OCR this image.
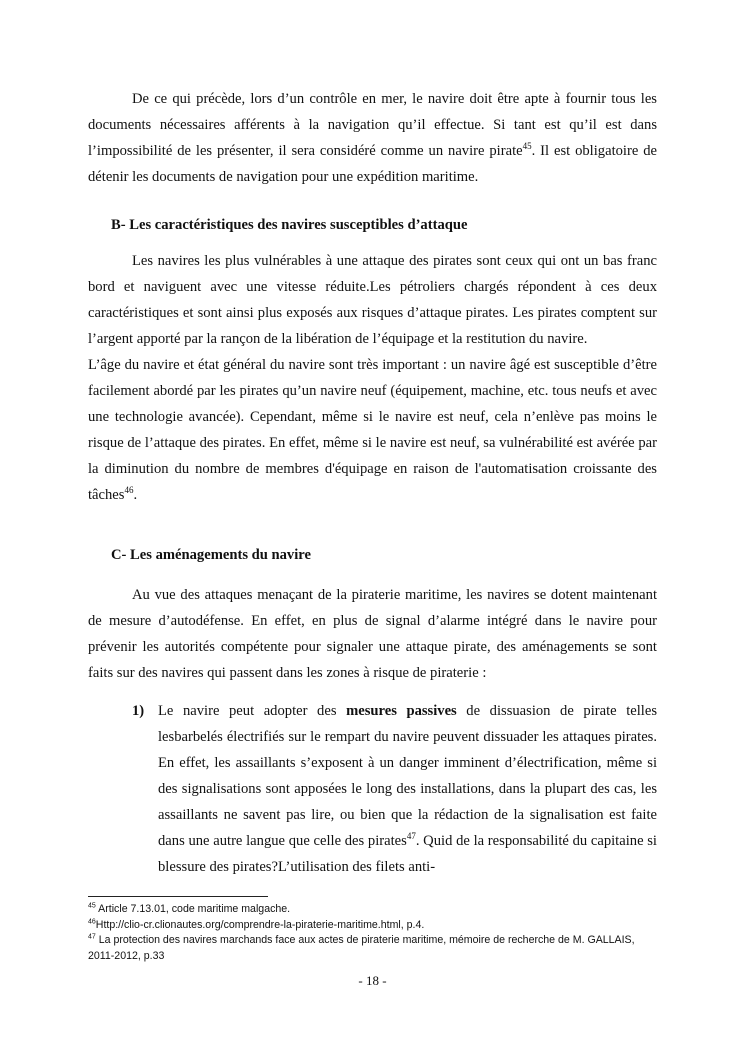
De ce qui précède, lors d’un contrôle en mer, le navire doit être apte à fournir tous les documents nécessaires afférents à la navigation qu’il effectue. Si tant est qu’il est dans l’impossibilité de les présenter, il sera considéré comme un navire pirate$^{45}$. Il est obligatoire de détenir les documents de navigation pour une expédition maritime.

B- Les caractéristiques des navires susceptibles d’attaque

Les navires les plus vulnérables à une attaque des pirates sont ceux qui ont un bas franc bord et naviguent avec une vitesse réduite.Les pétroliers chargés répondent à ces deux caractéristiques et sont ainsi plus exposés aux risques d’attaque pirates. Les pirates comptent sur l’argent apporté par la rançon de la libération de l’équipage et la restitution du navire.

L’âge du navire et état général du navire sont très important : un navire âgé est susceptible d’être facilement abordé par les pirates qu’un navire neuf (équipement, machine, etc. tous neufs et avec une technologie avancée). Cependant, même si le navire est neuf, cela n’enlève pas moins le risque de l’attaque des pirates. En effet, même si le navire est neuf, sa vulnérabilité est avérée par la diminution du nombre de membres d'équipage en raison de l'automatisation croissante des tâches$^{46}$.

C- Les aménagements du navire

Au vue des attaques menaçant de la piraterie maritime, les navires se dotent maintenant de mesure d’autodéfense. En effet, en plus de signal d’alarme intégré dans le navire pour prévenir les autorités compétente pour signaler une attaque pirate, des aménagements se sont faits sur des navires qui passent dans les zones à risque de piraterie :

1) Le navire peut adopter des mesures passives de dissuasion de pirate telles lesbarbelés électrifiés sur le rempart du navire peuvent dissuader les attaques pirates. En effet, les assaillants s’exposent à un danger imminent d’électrification, même si des signalisations sont apposées le long des installations, dans la plupart des cas, les assaillants ne savent pas lire, ou bien que la rédaction de la signalisation est faite dans une autre langue que celle des pirates$^{47}$. Quid de la responsabilité du capitaine si blessure des pirates?L’utilisation des filets anti-

$^{45}$ Article 7.13.01, code maritime malgache.

$^{46}$Http://clio-cr.clionautes.org/comprendre-la-piraterie-maritime.html, p.4.

$^{47}$ La protection des navires marchands face aux actes de piraterie maritime, mémoire de recherche de M. GALLAIS, 2011-2012, p.33

- 18 -
